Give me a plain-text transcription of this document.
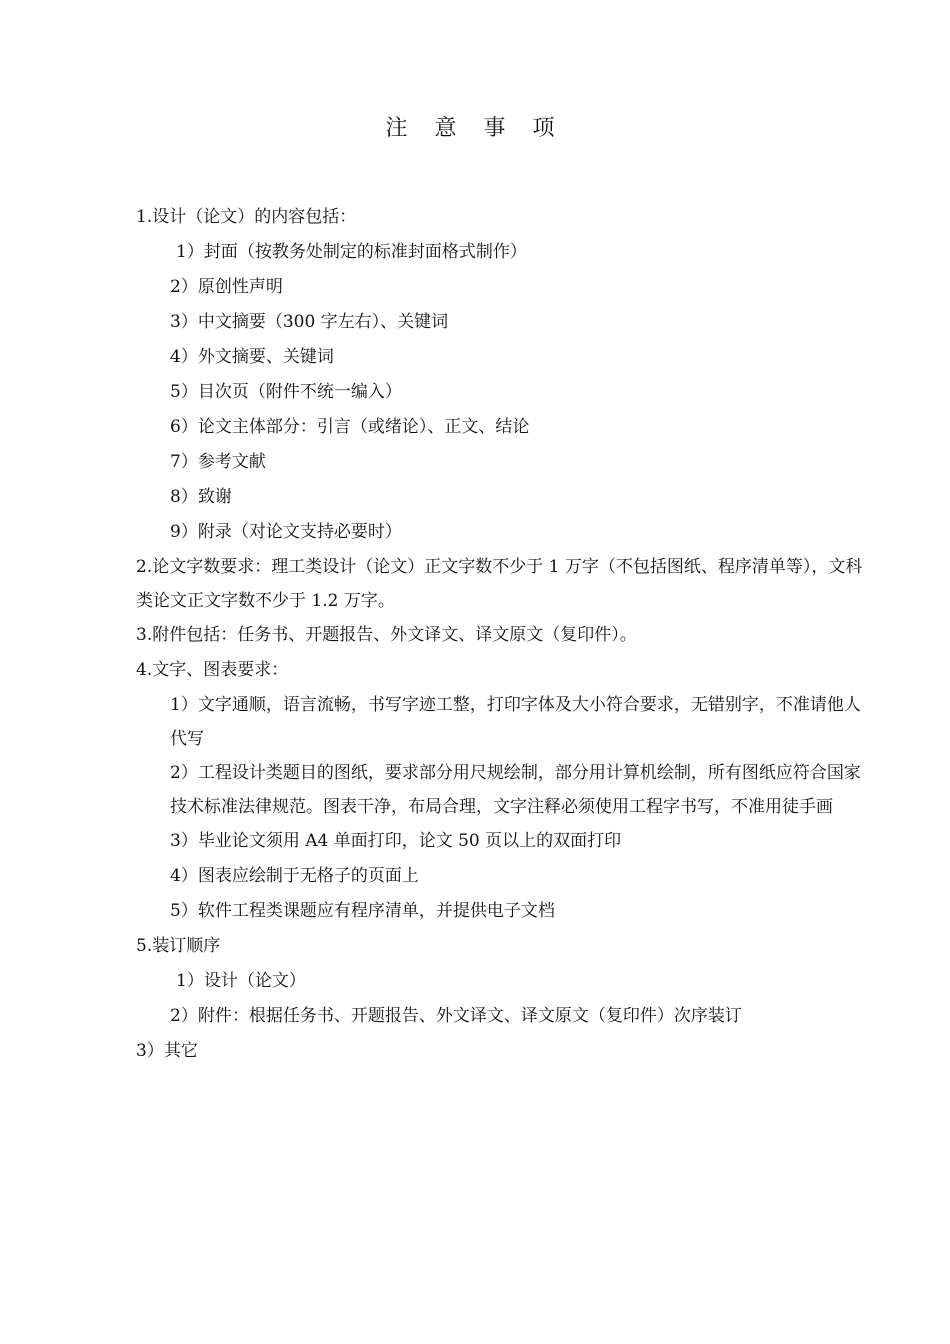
注 意 事 项
1.设计（论文）的内容包括：
1）封面（按教务处制定的标准封面格式制作）
2）原创性声明
3）中文摘要（300 字左右）、关键词
4）外文摘要、关键词
5）目次页（附件不统一编入）
6）论文主体部分：引言（或绪论）、正文、结论
7）参考文献
8）致谢
9）附录（对论文支持必要时）
2.论文字数要求：理工类设计（论文）正文字数不少于 1 万字（不包括图纸、程序清单等），文科类论文正文字数不少于 1.2 万字。
3.附件包括：任务书、开题报告、外文译文、译文原文（复印件）。
4.文字、图表要求：
1）文字通顺，语言流畅，书写字迹工整，打印字体及大小符合要求，无错别字，不准请他人代写
2）工程设计类题目的图纸，要求部分用尺规绘制，部分用计算机绘制，所有图纸应符合国家技术标准法律规范。图表干净，布局合理，文字注释必须使用工程字书写，不准用徒手画
3）毕业论文须用 A4 单面打印，论文 50 页以上的双面打印
4）图表应绘制于无格子的页面上
5）软件工程类课题应有程序清单，并提供电子文档
5.装订顺序
1）设计（论文）
2）附件：根据任务书、开题报告、外文译文、译文原文（复印件）次序装订
3）其它
